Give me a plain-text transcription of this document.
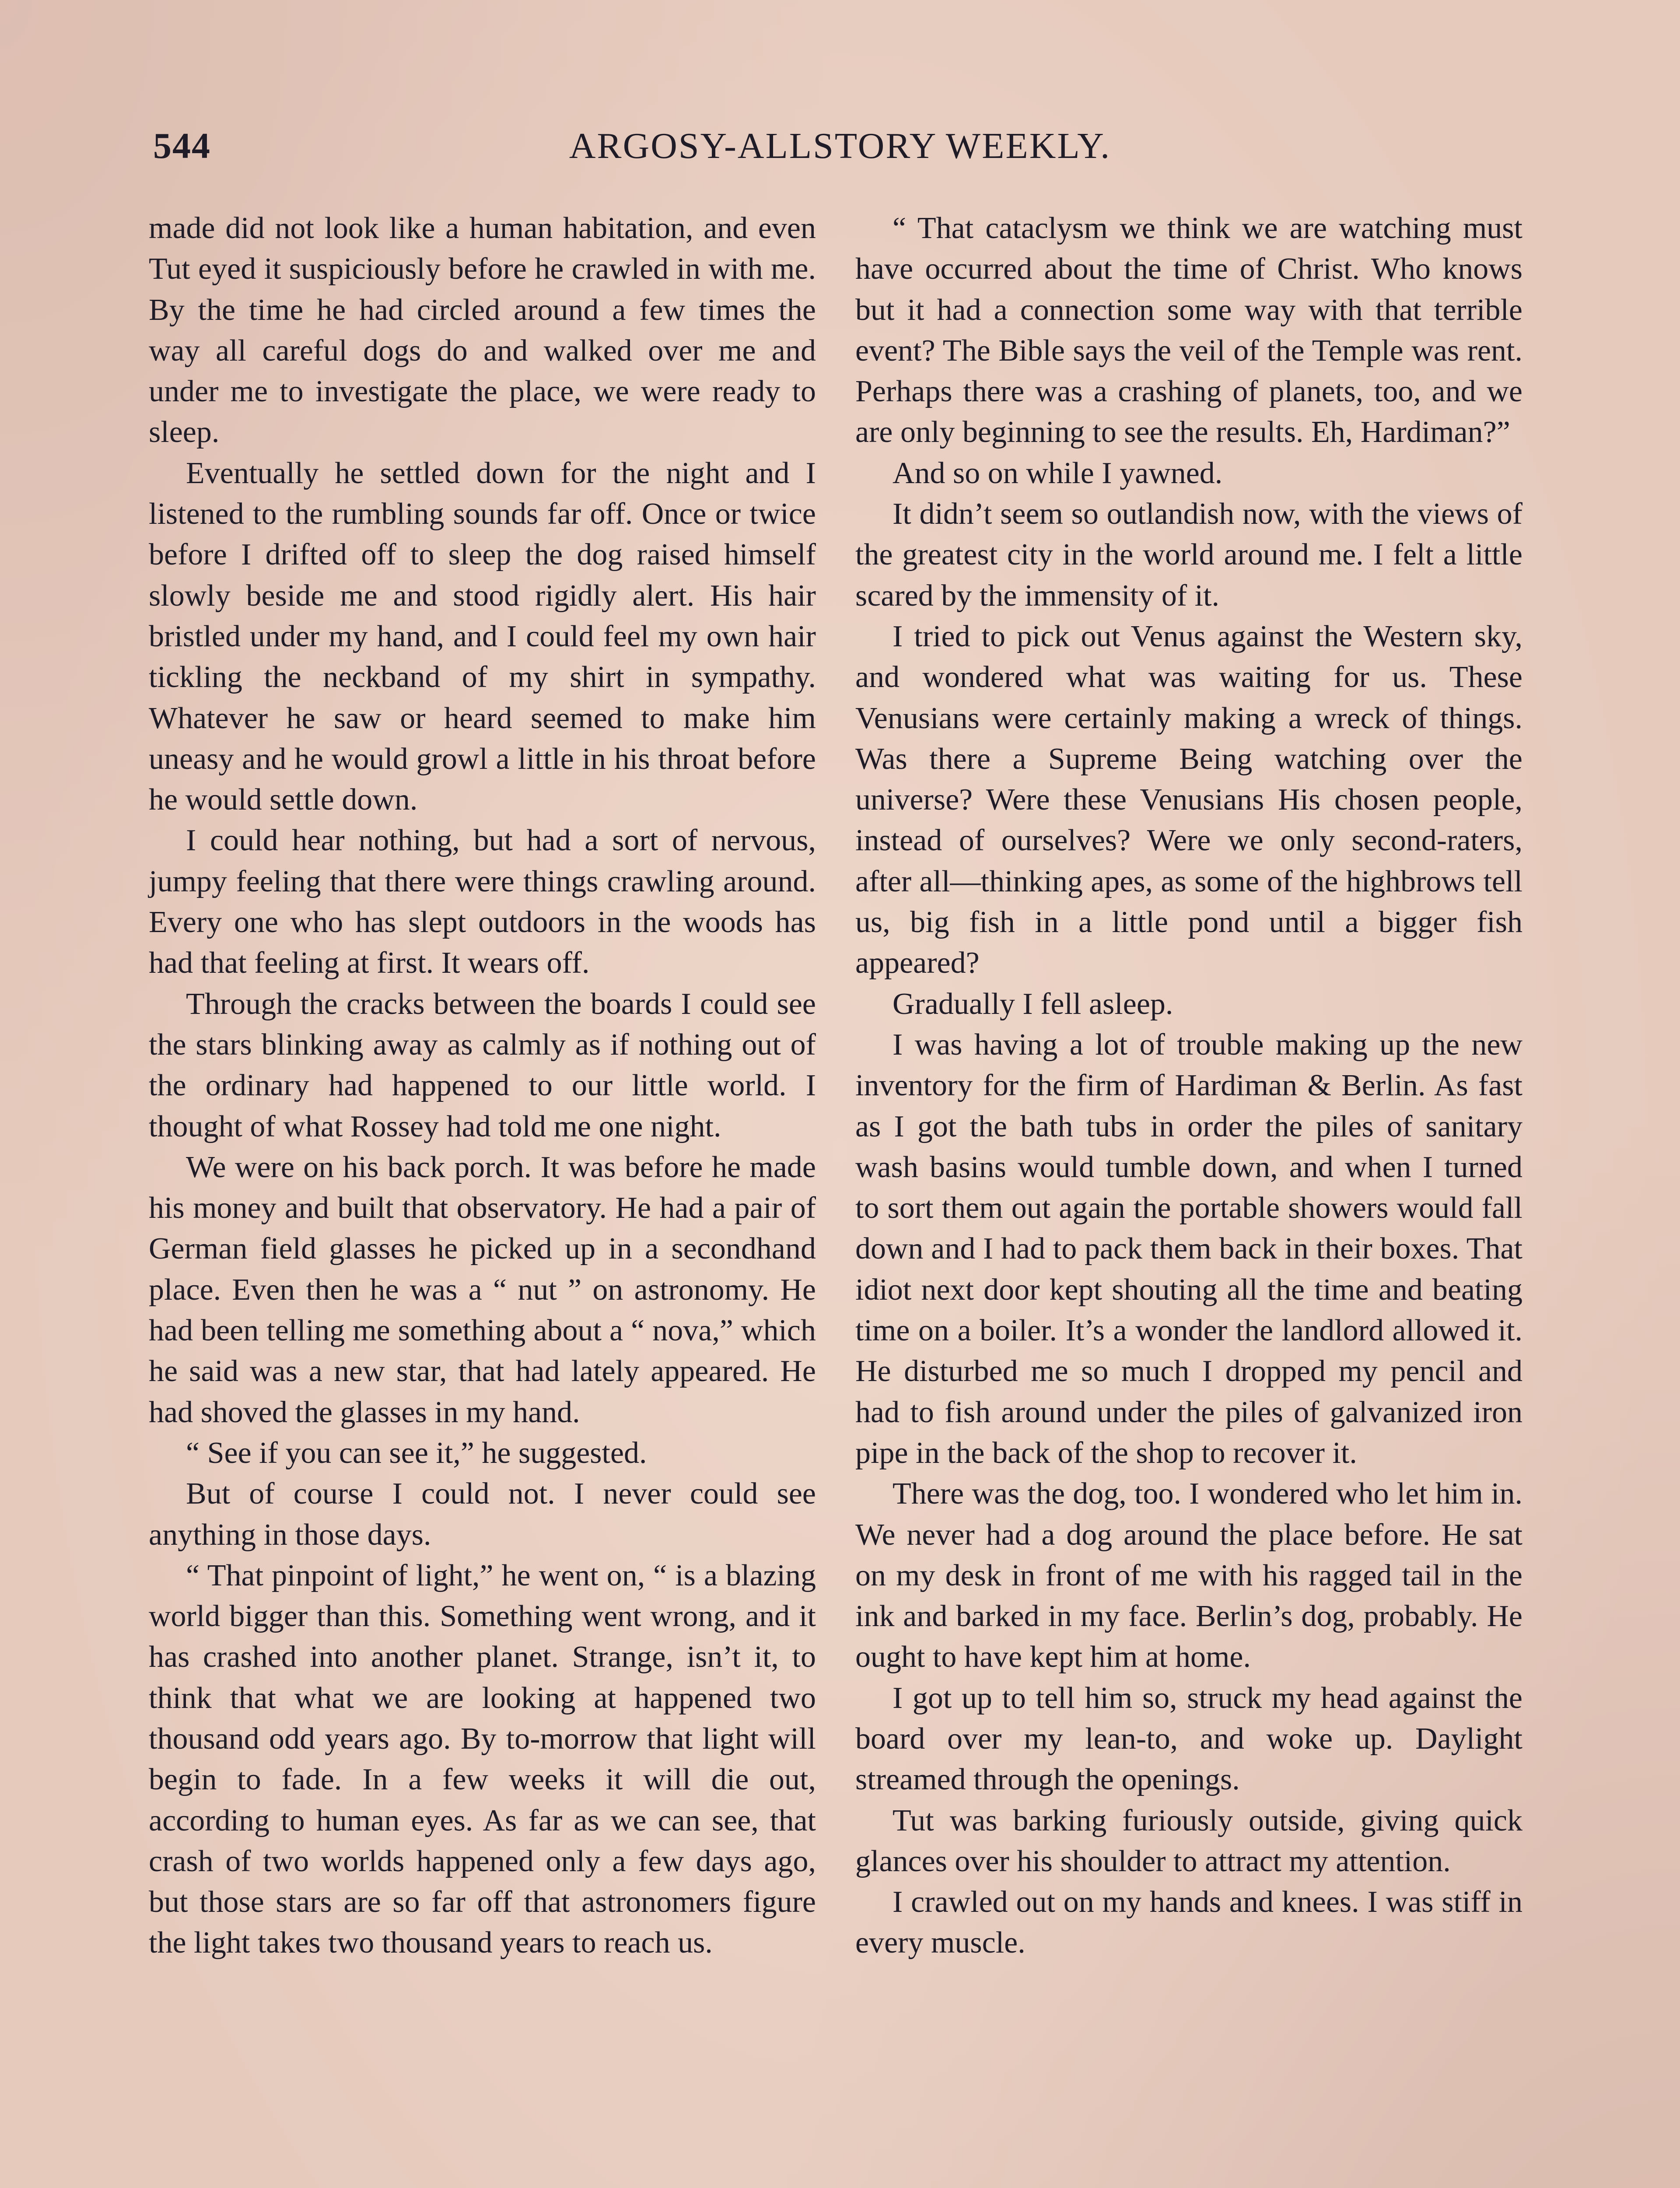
544	ARGOSY-ALLSTORY WEEKLY.

made did not look like a human habitation, and even Tut eyed it suspiciously before he crawled in with me. By the time he had circled around a few times the way all careful dogs do and walked over me and under me to investigate the place, we were ready to sleep.

Eventually he settled down for the night and I listened to the rumbling sounds far off. Once or twice before I drifted off to sleep the dog raised himself slowly beside me and stood rigidly alert. His hair bristled under my hand, and I could feel my own hair tickling the neckband of my shirt in sympathy. Whatever he saw or heard seemed to make him uneasy and he would growl a little in his throat before he would settle down.

I could hear nothing, but had a sort of nervous, jumpy feeling that there were things crawling around. Every one who has slept outdoors in the woods has had that feeling at first. It wears off.

Through the cracks between the boards I could see the stars blinking away as calmly as if nothing out of the ordinary had happened to our little world. I thought of what Rossey had told me one night.

We were on his back porch. It was before he made his money and built that observatory. He had a pair of German field glasses he picked up in a secondhand place. Even then he was a “ nut ” on astronomy. He had been telling me something about a “ nova,” which he said was a new star, that had lately appeared. He had shoved the glasses in my hand.

“ See if you can see it,” he suggested.

But of course I could not. I never could see anything in those days.

“ That pinpoint of light,” he went on, “ is a blazing world bigger than this. Something went wrong, and it has crashed into another planet. Strange, isn’t it, to think that what we are looking at happened two thousand odd years ago. By to-morrow that light will begin to fade. In a few weeks it will die out, according to human eyes. As far as we can see, that crash of two worlds happened only a few days ago, but those stars are so far off that astronomers figure the light takes two thousand years to reach us.

“ That cataclysm we think we are watching must have occurred about the time of Christ. Who knows but it had a connection some way with that terrible event? The Bible says the veil of the Temple was rent. Perhaps there was a crashing of planets, too, and we are only beginning to see the results. Eh, Hardiman?”

And so on while I yawned.

It didn’t seem so outlandish now, with the views of the greatest city in the world around me. I felt a little scared by the immensity of it.

I tried to pick out Venus against the Western sky, and wondered what was waiting for us. These Venusians were certainly making a wreck of things. Was there a Supreme Being watching over the universe? Were these Venusians His chosen people, instead of ourselves? Were we only second-raters, after all—thinking apes, as some of the highbrows tell us, big fish in a little pond until a bigger fish appeared?

Gradually I fell asleep.

I was having a lot of trouble making up the new inventory for the firm of Hardiman & Berlin. As fast as I got the bath tubs in order the piles of sanitary wash basins would tumble down, and when I turned to sort them out again the portable showers would fall down and I had to pack them back in their boxes. That idiot next door kept shouting all the time and beating time on a boiler. It’s a wonder the landlord allowed it. He disturbed me so much I dropped my pencil and had to fish around under the piles of galvanized iron pipe in the back of the shop to recover it.

There was the dog, too. I wondered who let him in. We never had a dog around the place before. He sat on my desk in front of me with his ragged tail in the ink and barked in my face. Berlin’s dog, probably. He ought to have kept him at home.

I got up to tell him so, struck my head against the board over my lean-to, and woke up. Daylight streamed through the openings.

Tut was barking furiously outside, giving quick glances over his shoulder to attract my attention.

I crawled out on my hands and knees. I was stiff in every muscle.
